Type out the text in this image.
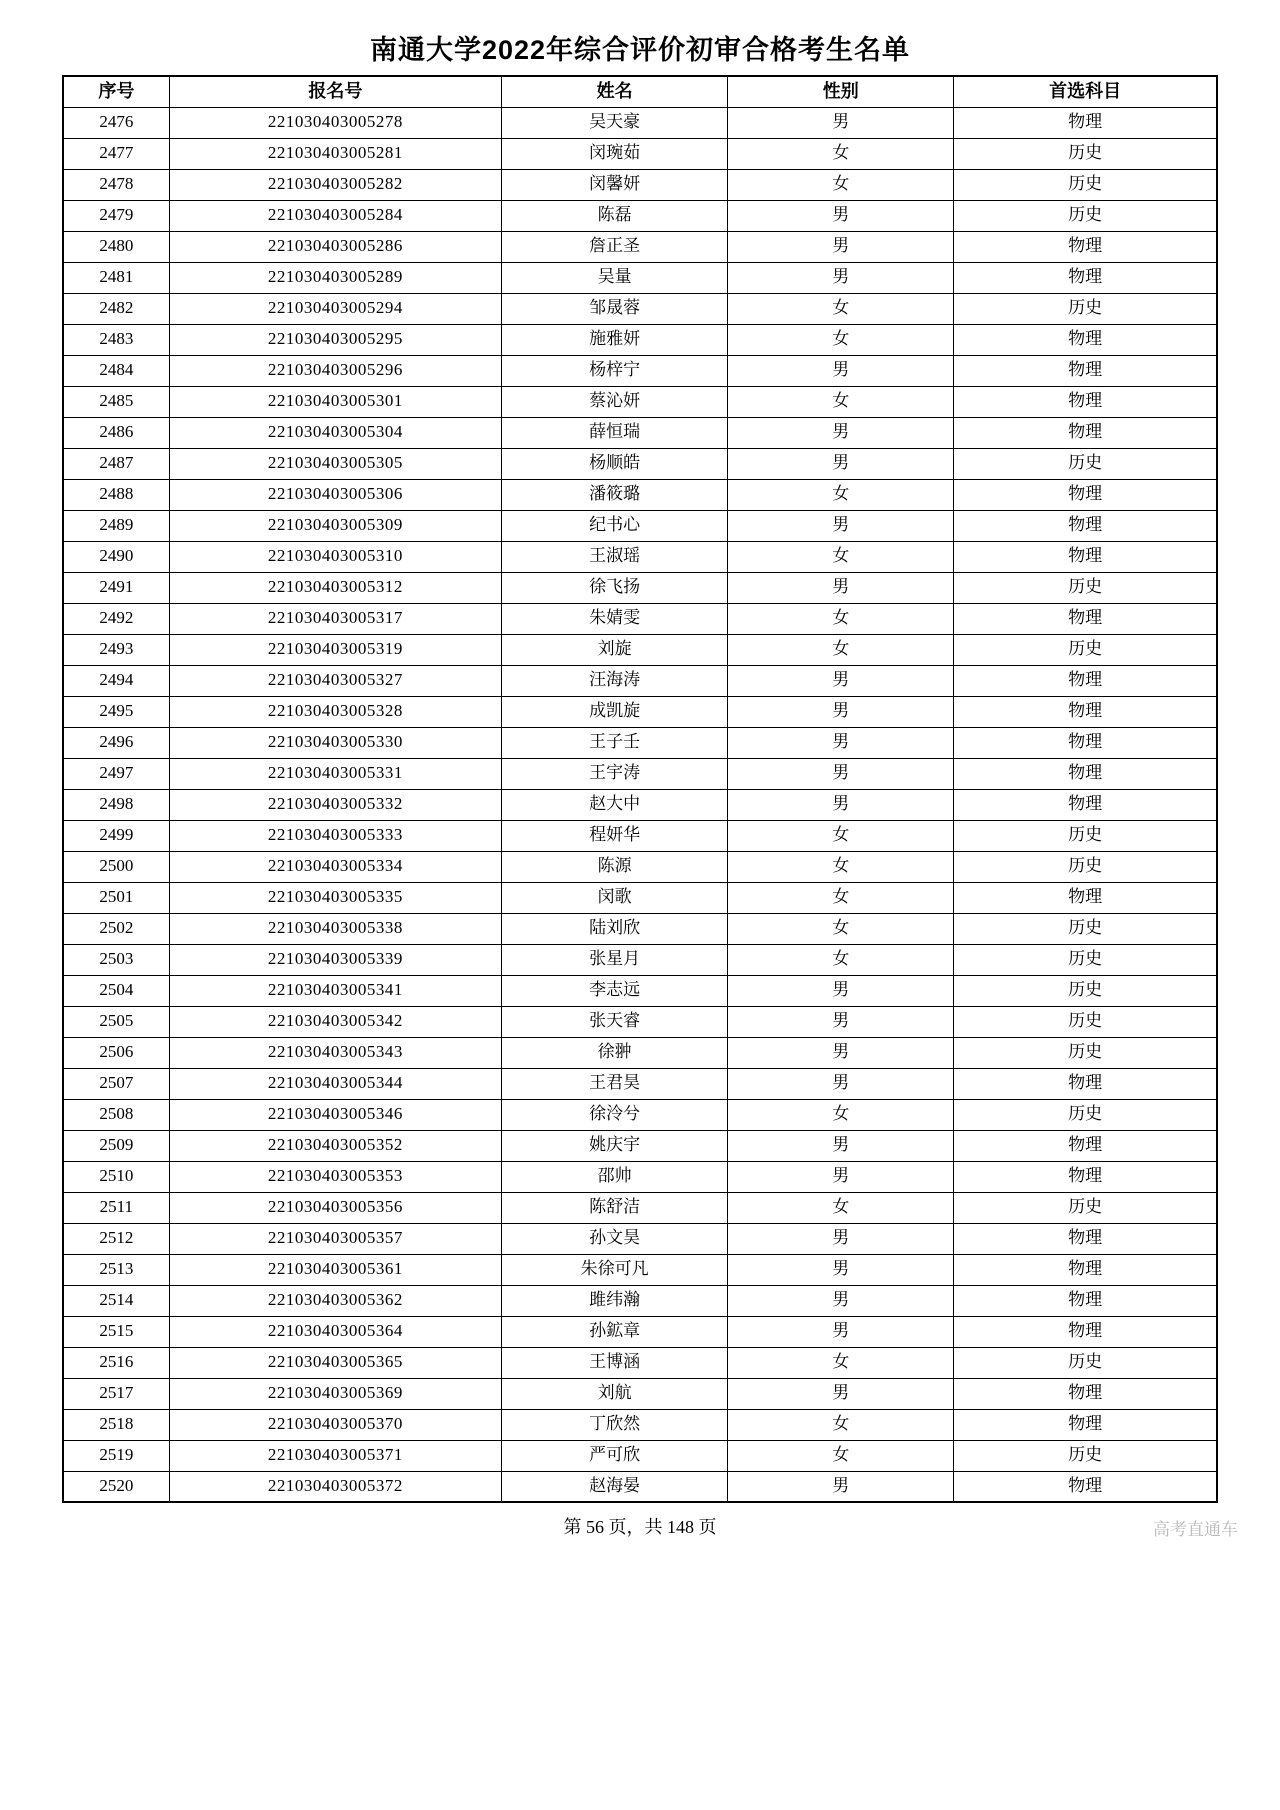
南通大学2022年综合评价初审合格考生名单
序号	报名号	姓名	性别	首选科目
2476	221030403005278	吴天豪	男	物理
2477	221030403005281	闵琬茹	女	历史
2478	221030403005282	闵馨妍	女	历史
2479	221030403005284	陈磊	男	历史
2480	221030403005286	詹正圣	男	物理
2481	221030403005289	吴量	男	物理
2482	221030403005294	邹晟蓉	女	历史
2483	221030403005295	施雅妍	女	物理
2484	221030403005296	杨梓宁	男	物理
2485	221030403005301	蔡沁妍	女	物理
2486	221030403005304	薛恒瑞	男	物理
2487	221030403005305	杨顺皓	男	历史
2488	221030403005306	潘筱璐	女	物理
2489	221030403005309	纪书心	男	物理
2490	221030403005310	王淑瑶	女	物理
2491	221030403005312	徐飞扬	男	历史
2492	221030403005317	朱婧雯	女	物理
2493	221030403005319	刘旋	女	历史
2494	221030403005327	汪海涛	男	物理
2495	221030403005328	成凯旋	男	物理
2496	221030403005330	王子壬	男	物理
2497	221030403005331	王宇涛	男	物理
2498	221030403005332	赵大中	男	物理
2499	221030403005333	程妍华	女	历史
2500	221030403005334	陈源	女	历史
2501	221030403005335	闵歌	女	物理
2502	221030403005338	陆刘欣	女	历史
2503	221030403005339	张星月	女	历史
2504	221030403005341	李志远	男	历史
2505	221030403005342	张天睿	男	历史
2506	221030403005343	徐翀	男	历史
2507	221030403005344	王君昊	男	物理
2508	221030403005346	徐泠兮	女	历史
2509	221030403005352	姚庆宇	男	物理
2510	221030403005353	邵帅	男	物理
2511	221030403005356	陈舒洁	女	历史
2512	221030403005357	孙文昊	男	物理
2513	221030403005361	朱徐可凡	男	物理
2514	221030403005362	雎纬瀚	男	物理
2515	221030403005364	孙鉱章	男	物理
2516	221030403005365	王博涵	女	历史
2517	221030403005369	刘航	男	物理
2518	221030403005370	丁欣然	女	物理
2519	221030403005371	严可欣	女	历史
2520	221030403005372	赵海晏	男	物理
第 56 页，共 148 页	高考直通车
